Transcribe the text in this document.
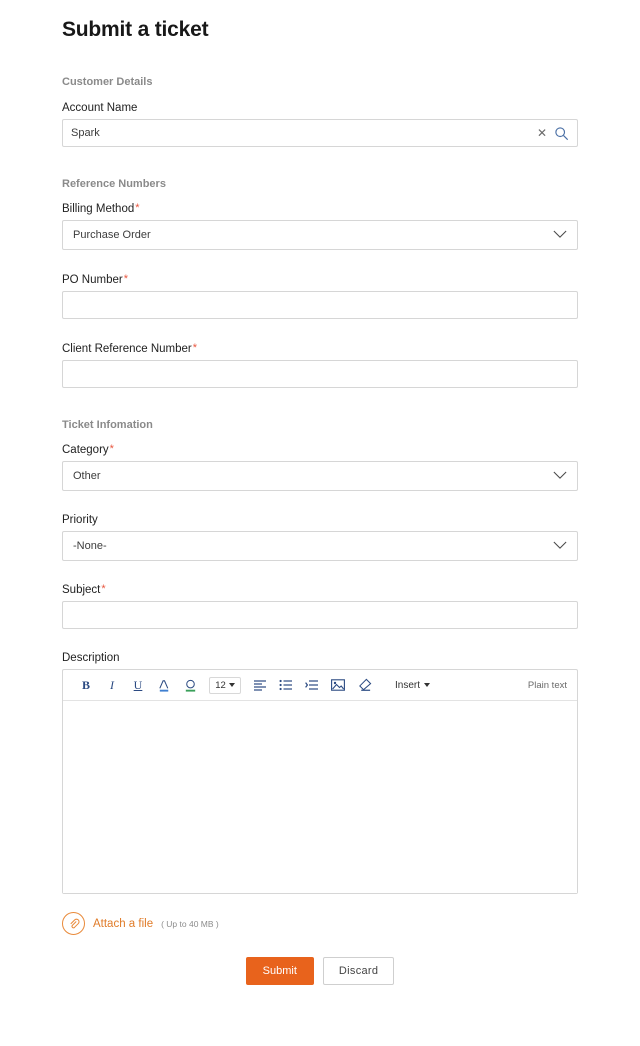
Submit a ticket
Customer Details
Account Name
Spark	✕
Reference Numbers
Billing Method*
Purchase Order
PO Number*
Client Reference Number*
Ticket Infomation
Category*
Other
Priority
-None-
Subject*
Description
B	I	U	12	Insert	Plain text
Attach a file ( Up to 40 MB )
Submit	Discard
